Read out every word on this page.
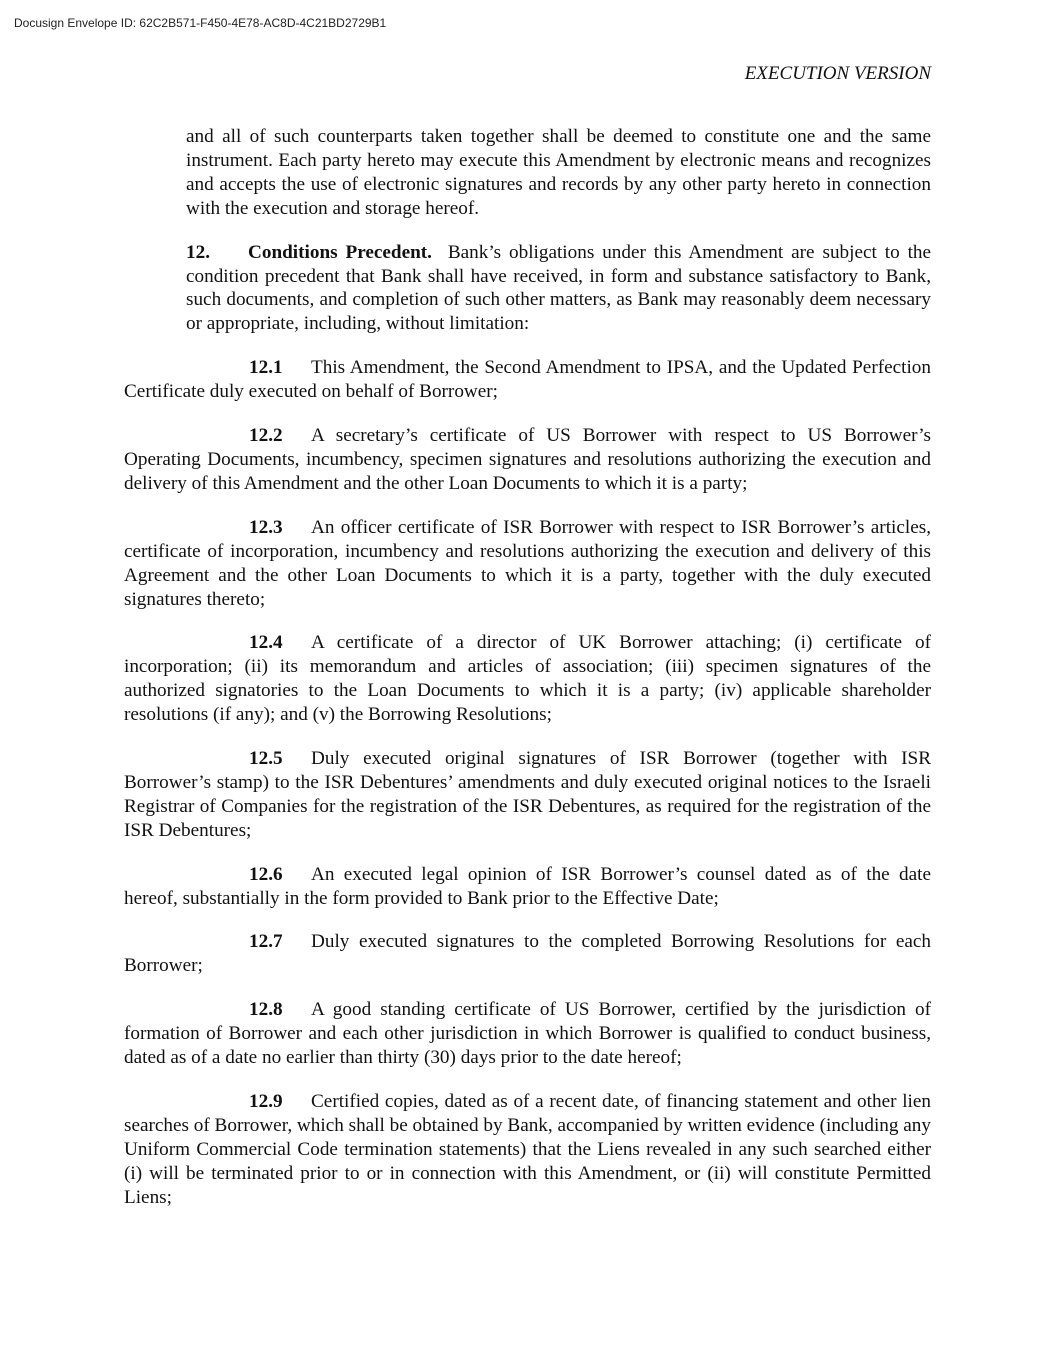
Docusign Envelope ID: 62C2B571-F450-4E78-AC8D-4C21BD2729B1
EXECUTION VERSION

and all of such counterparts taken together shall be deemed to constitute one and the same instrument. Each party hereto may execute this Amendment by electronic means and recognizes and accepts the use of electronic signatures and records by any other party hereto in connection with the execution and storage hereof.

12. Conditions Precedent. Bank’s obligations under this Amendment are subject to the condition precedent that Bank shall have received, in form and substance satisfactory to Bank, such documents, and completion of such other matters, as Bank may reasonably deem necessary or appropriate, including, without limitation:

12.1 This Amendment, the Second Amendment to IPSA, and the Updated Perfection Certificate duly executed on behalf of Borrower;

12.2 A secretary’s certificate of US Borrower with respect to US Borrower’s Operating Documents, incumbency, specimen signatures and resolutions authorizing the execution and delivery of this Amendment and the other Loan Documents to which it is a party;

12.3 An officer certificate of ISR Borrower with respect to ISR Borrower’s articles, certificate of incorporation, incumbency and resolutions authorizing the execution and delivery of this Agreement and the other Loan Documents to which it is a party, together with the duly executed signatures thereto;

12.4 A certificate of a director of UK Borrower attaching; (i) certificate of incorporation; (ii) its memorandum and articles of association; (iii) specimen signatures of the authorized signatories to the Loan Documents to which it is a party; (iv) applicable shareholder resolutions (if any); and (v) the Borrowing Resolutions;

12.5 Duly executed original signatures of ISR Borrower (together with ISR Borrower’s stamp) to the ISR Debentures’ amendments and duly executed original notices to the Israeli Registrar of Companies for the registration of the ISR Debentures, as required for the registration of the ISR Debentures;

12.6 An executed legal opinion of ISR Borrower’s counsel dated as of the date hereof, substantially in the form provided to Bank prior to the Effective Date;

12.7 Duly executed signatures to the completed Borrowing Resolutions for each Borrower;

12.8 A good standing certificate of US Borrower, certified by the jurisdiction of formation of Borrower and each other jurisdiction in which Borrower is qualified to conduct business, dated as of a date no earlier than thirty (30) days prior to the date hereof;

12.9 Certified copies, dated as of a recent date, of financing statement and other lien searches of Borrower, which shall be obtained by Bank, accompanied by written evidence (including any Uniform Commercial Code termination statements) that the Liens revealed in any such searched either (i) will be terminated prior to or in connection with this Amendment, or (ii) will constitute Permitted Liens;
